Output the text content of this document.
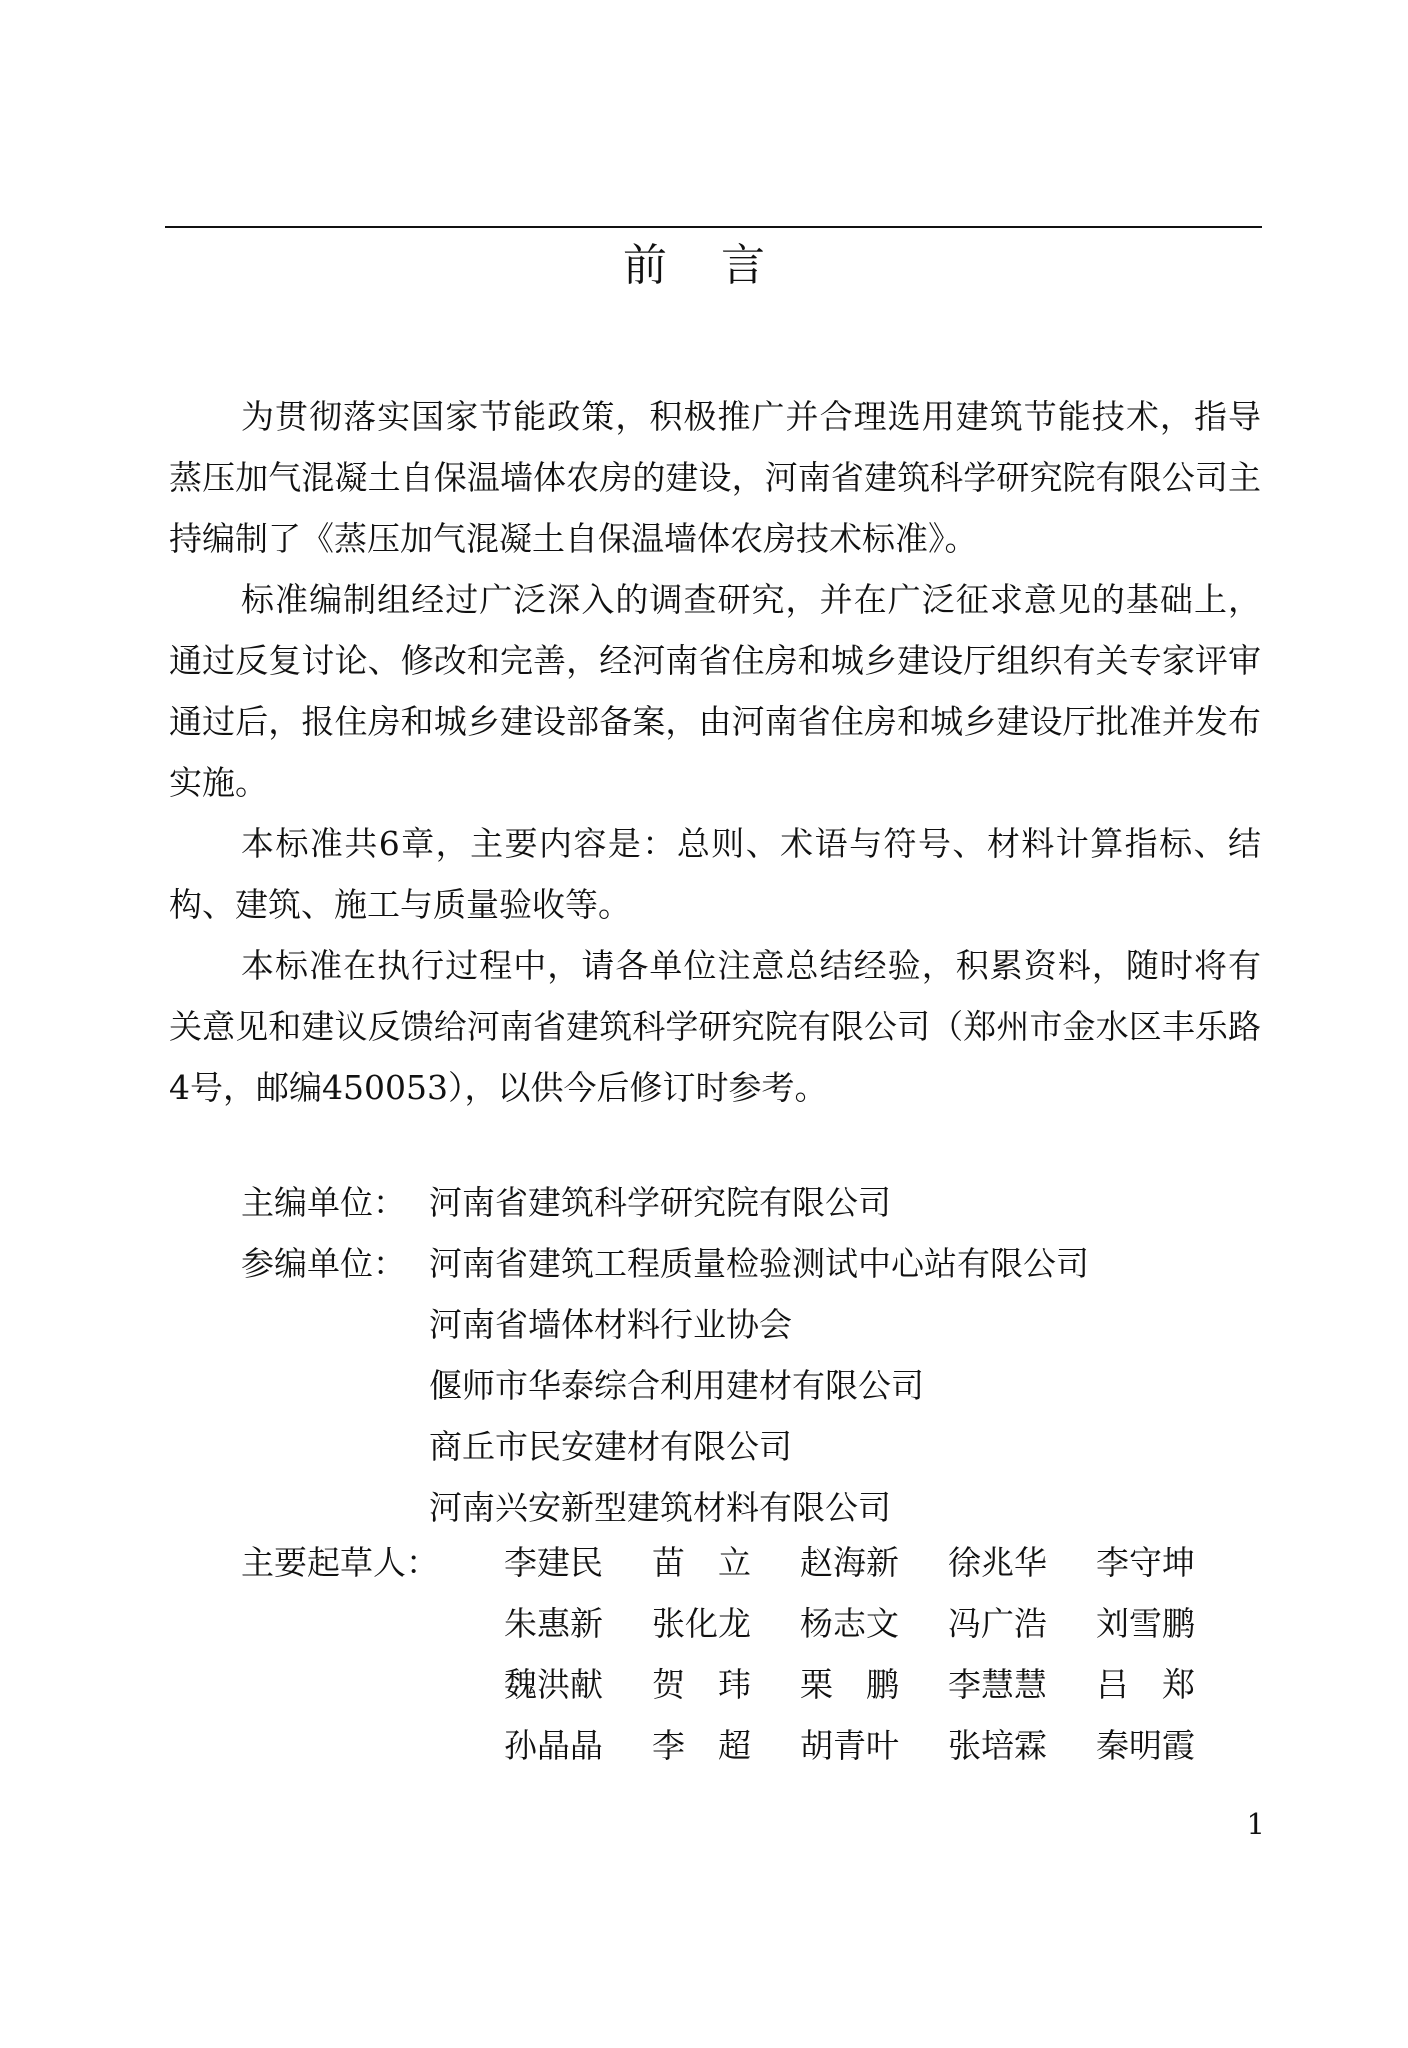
前 言

为贯彻落实国家节能政策，积极推广并合理选用建筑节能技术，指导蒸压加气混凝土自保温墙体农房的建设，河南省建筑科学研究院有限公司主持编制了《蒸压加气混凝土自保温墙体农房技术标准》。

标准编制组经过广泛深入的调查研究，并在广泛征求意见的基础上，通过反复讨论、修改和完善，经河南省住房和城乡建设厅组织有关专家评审通过后，报住房和城乡建设部备案，由河南省住房和城乡建设厅批准并发布实施。

本标准共6章，主要内容是：总则、术语与符号、材料计算指标、结构、建筑、施工与质量验收等。

本标准在执行过程中，请各单位注意总结经验，积累资料，随时将有关意见和建议反馈给河南省建筑科学研究院有限公司（郑州市金水区丰乐路4号，邮编450053），以供今后修订时参考。

主编单位： 河南省建筑科学研究院有限公司
参编单位： 河南省建筑工程质量检验测试中心站有限公司
河南省墙体材料行业协会
偃师市华泰综合利用建材有限公司
商丘市民安建材有限公司
河南兴安新型建筑材料有限公司
主要起草人：	李建民	苗　立	赵海新	徐兆华	李守坤
朱惠新	张化龙	杨志文	冯广浩	刘雪鹏
魏洪献	贺　玮	栗　鹏	李慧慧	吕　郑
孙晶晶	李　超	胡青叶	张培霖	秦明霞
1
